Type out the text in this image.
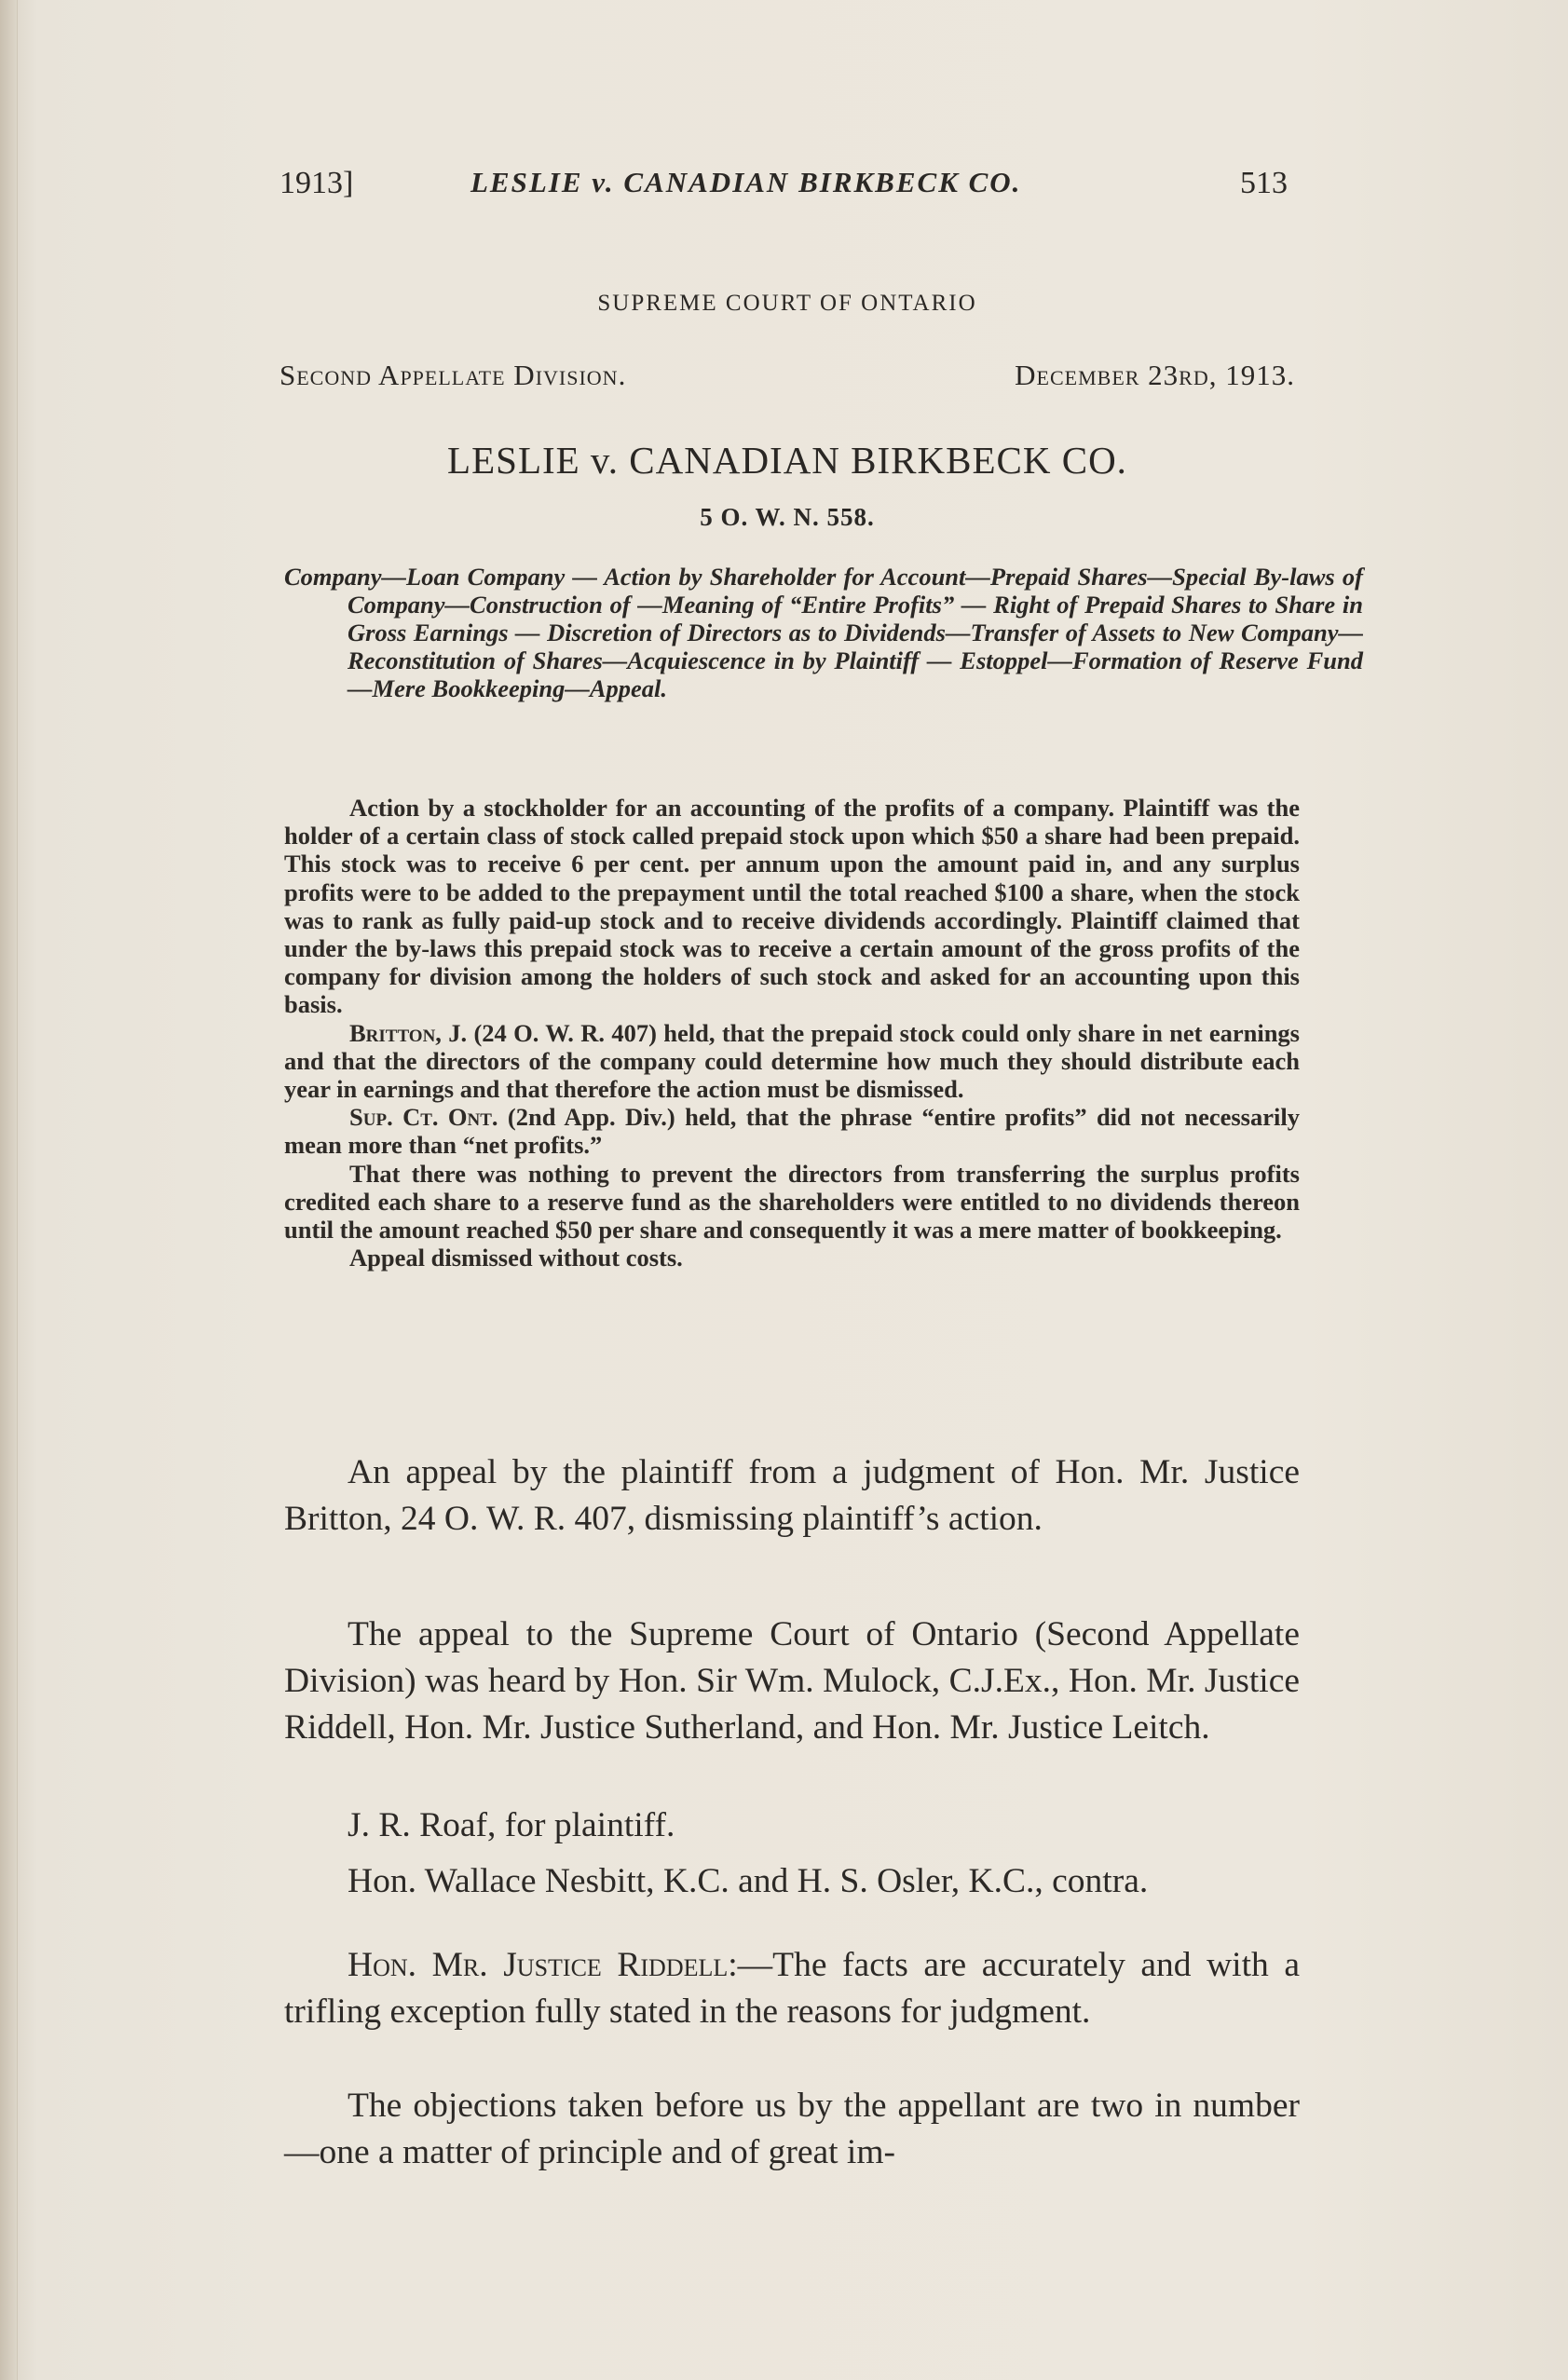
1913]	LESLIE v. CANADIAN BIRKBECK CO.	513
SUPREME COURT OF ONTARIO
Second Appellate Division.	December 23rd, 1913.
LESLIE v. CANADIAN BIRKBECK CO.
5 O. W. N. 558.
Company—Loan Company — Action by Shareholder for Account—Prepaid Shares—Special By-laws of Company—Construction of —Meaning of “Entire Profits” — Right of Prepaid Shares to Share in Gross Earnings — Discretion of Directors as to Dividends—Transfer of Assets to New Company—Reconstitution of Shares—Acquiescence in by Plaintiff — Estoppel—Formation of Reserve Fund—Mere Bookkeeping—Appeal.

Action by a stockholder for an accounting of the profits of a company. Plaintiff was the holder of a certain class of stock called prepaid stock upon which $50 a share had been prepaid. This stock was to receive 6 per cent. per annum upon the amount paid in, and any surplus profits were to be added to the prepayment until the total reached $100 a share, when the stock was to rank as fully paid-up stock and to receive dividends accordingly. Plaintiff claimed that under the by-laws this prepaid stock was to receive a certain amount of the gross profits of the company for division among the holders of such stock and asked for an accounting upon this basis.

Britton, J. (24 O. W. R. 407) held, that the prepaid stock could only share in net earnings and that the directors of the company could determine how much they should distribute each year in earnings and that therefore the action must be dismissed.

Sup. Ct. Ont. (2nd App. Div.) held, that the phrase “entire profits” did not necessarily mean more than “net profits.”

That there was nothing to prevent the directors from transferring the surplus profits credited each share to a reserve fund as the shareholders were entitled to no dividends thereon until the amount reached $50 per share and consequently it was a mere matter of bookkeeping.

Appeal dismissed without costs.

An appeal by the plaintiff from a judgment of Hon. Mr. Justice Britton, 24 O. W. R. 407, dismissing plaintiff’s action.

The appeal to the Supreme Court of Ontario (Second Appellate Division) was heard by Hon. Sir Wm. Mulock, C.J.Ex., Hon. Mr. Justice Riddell, Hon. Mr. Justice Sutherland, and Hon. Mr. Justice Leitch.

J. R. Roaf, for plaintiff.

Hon. Wallace Nesbitt, K.C. and H. S. Osler, K.C., contra.

Hon. Mr. Justice Riddell:—The facts are accurately and with a trifling exception fully stated in the reasons for judgment.

The objections taken before us by the appellant are two in number—one a matter of principle and of great im-
